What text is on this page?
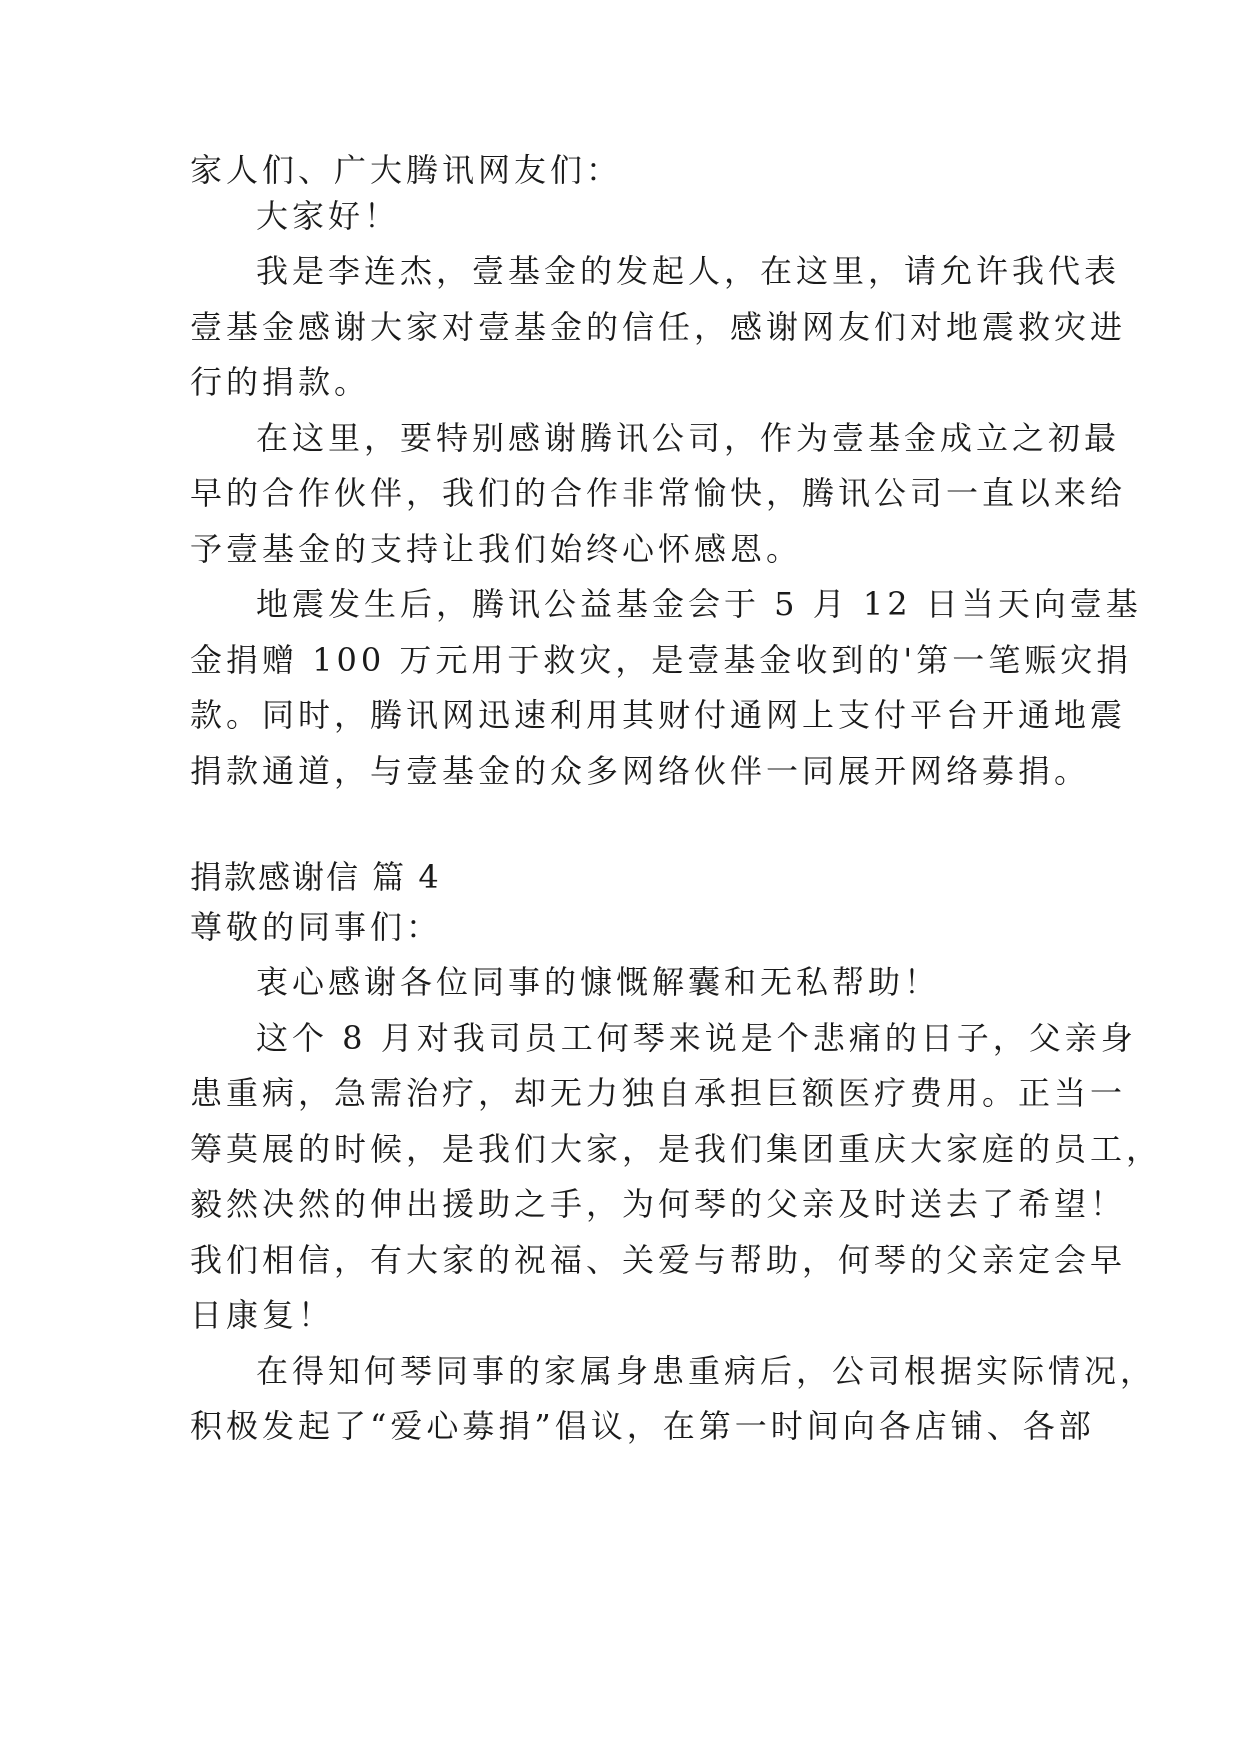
家人们、广大腾讯网友们：
大家好！
我是李连杰，壹基金的发起人，在这里，请允许我代表
壹基金感谢大家对壹基金的信任，感谢网友们对地震救灾进
行的捐款。
在这里，要特别感谢腾讯公司，作为壹基金成立之初最
早的合作伙伴，我们的合作非常愉快，腾讯公司一直以来给
予壹基金的支持让我们始终心怀感恩。
地震发生后，腾讯公益基金会于 5 月 12 日当天向壹基
金捐赠 100 万元用于救灾，是壹基金收到的'第一笔赈灾捐
款。同时，腾讯网迅速利用其财付通网上支付平台开通地震
捐款通道，与壹基金的众多网络伙伴一同展开网络募捐。
捐款感谢信 篇 4
尊敬的同事们：
衷心感谢各位同事的慷慨解囊和无私帮助！
这个 8 月对我司员工何琴来说是个悲痛的日子，父亲身
患重病，急需治疗，却无力独自承担巨额医疗费用。正当一
筹莫展的时候，是我们大家，是我们集团重庆大家庭的员工，
毅然决然的伸出援助之手，为何琴的父亲及时送去了希望！
我们相信，有大家的祝福、关爱与帮助，何琴的父亲定会早
日康复！
在得知何琴同事的家属身患重病后，公司根据实际情况，
积极发起了“爱心募捐”倡议，在第一时间向各店铺、各部
